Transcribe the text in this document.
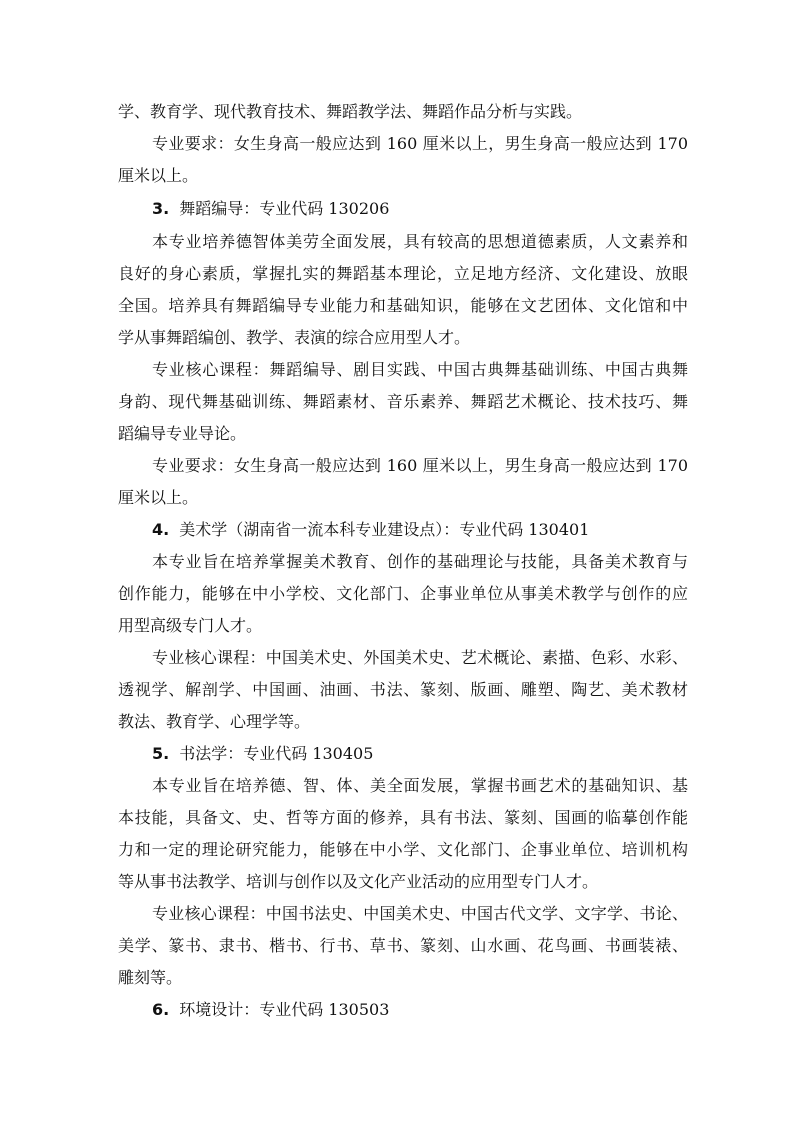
学、教育学、现代教育技术、舞蹈教学法、舞蹈作品分析与实践。
专业要求：女生身高一般应达到 160 厘米以上，男生身高一般应达到 170
厘米以上。
3. 舞蹈编导：专业代码 130206
本专业培养德智体美劳全面发展，具有较高的思想道德素质，人文素养和
良好的身心素质，掌握扎实的舞蹈基本理论，立足地方经济、文化建设、放眼
全国。培养具有舞蹈编导专业能力和基础知识，能够在文艺团体、文化馆和中
学从事舞蹈编创、教学、表演的综合应用型人才。
专业核心课程：舞蹈编导、剧目实践、中国古典舞基础训练、中国古典舞
身韵、现代舞基础训练、舞蹈素材、音乐素养、舞蹈艺术概论、技术技巧、舞
蹈编导专业导论。
专业要求：女生身高一般应达到 160 厘米以上，男生身高一般应达到 170
厘米以上。
4. 美术学（湖南省一流本科专业建设点）：专业代码 130401
本专业旨在培养掌握美术教育、创作的基础理论与技能，具备美术教育与
创作能力，能够在中小学校、文化部门、企事业单位从事美术教学与创作的应
用型高级专门人才。
专业核心课程：中国美术史、外国美术史、艺术概论、素描、色彩、水彩、
透视学、解剖学、中国画、油画、书法、篆刻、版画、雕塑、陶艺、美术教材
教法、教育学、心理学等。
5. 书法学：专业代码 130405
本专业旨在培养德、智、体、美全面发展，掌握书画艺术的基础知识、基
本技能，具备文、史、哲等方面的修养，具有书法、篆刻、国画的临摹创作能
力和一定的理论研究能力，能够在中小学、文化部门、企事业单位、培训机构
等从事书法教学、培训与创作以及文化产业活动的应用型专门人才。
专业核心课程：中国书法史、中国美术史、中国古代文学、文字学、书论、
美学、篆书、隶书、楷书、行书、草书、篆刻、山水画、花鸟画、书画装裱、
雕刻等。
6. 环境设计：专业代码 130503
